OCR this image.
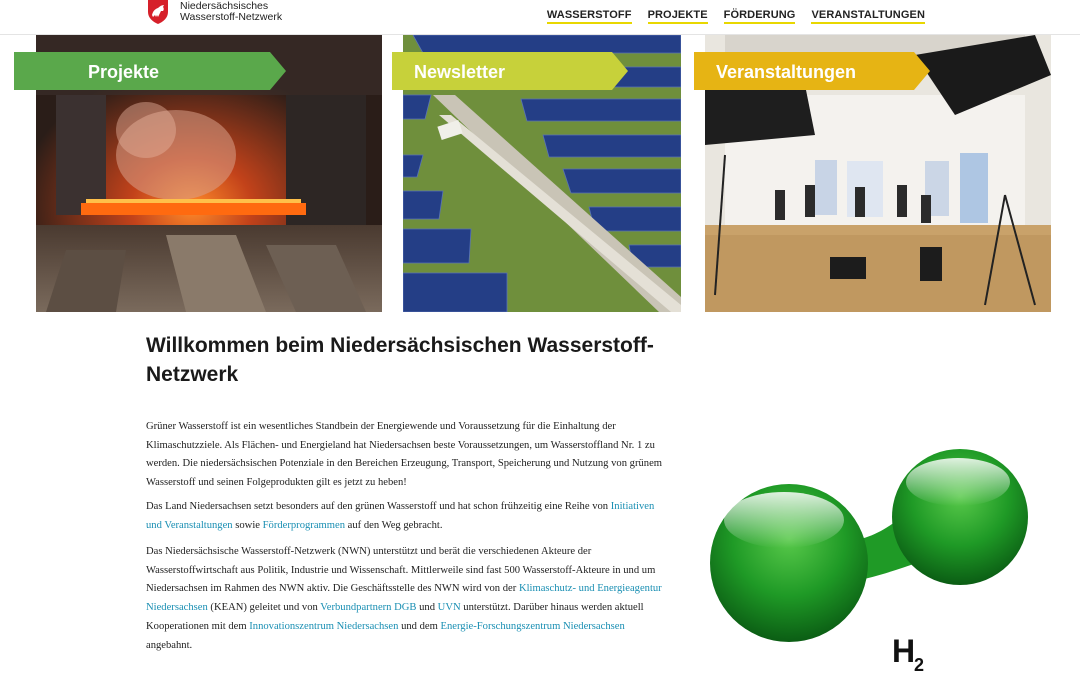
Niedersächsisches
Wasserstoff-Netzwerk	WASSERSTOFF PROJEKTE FÖRDERUNG VERANSTALTUNGEN
Projekte	Newsletter	Veranstaltungen
Willkommen beim Niedersächsischen Wasserstoff-Netzwerk

Grüner Wasserstoff ist ein wesentliches Standbein der Energiewende und Voraussetzung für die Einhaltung der Klimaschutzziele. Als Flächen- und Energieland hat Niedersachsen beste Voraussetzungen, um Wasserstoffland Nr. 1 zu werden. Die niedersächsischen Potenziale in den Bereichen Erzeugung, Transport, Speicherung und Nutzung von grünem Wasserstoff und seinen Folgeprodukten gilt es jetzt zu heben!

Das Land Niedersachsen setzt besonders auf den grünen Wasserstoff und hat schon frühzeitig eine Reihe von Initiativen und Veranstaltungen sowie Förderprogrammen auf den Weg gebracht.

Das Niedersächsische Wasserstoff-Netzwerk (NWN) unterstützt und berät die verschiedenen Akteure der Wasserstoffwirtschaft aus Politik, Industrie und Wissenschaft. Mittlerweile sind fast 500 Wasserstoff-Akteure in und um Niedersachsen im Rahmen des NWN aktiv. Die Geschäftsstelle des NWN wird von der Klimaschutz- und Energieagentur Niedersachsen (KEAN) geleitet und von Verbundpartnern DGB und UVN unterstützt. Darüber hinaus werden aktuell Kooperationen mit dem Innovationszentrum Niedersachsen und dem Energie-Forschungszentrum Niedersachsen angebahnt.	H
2
